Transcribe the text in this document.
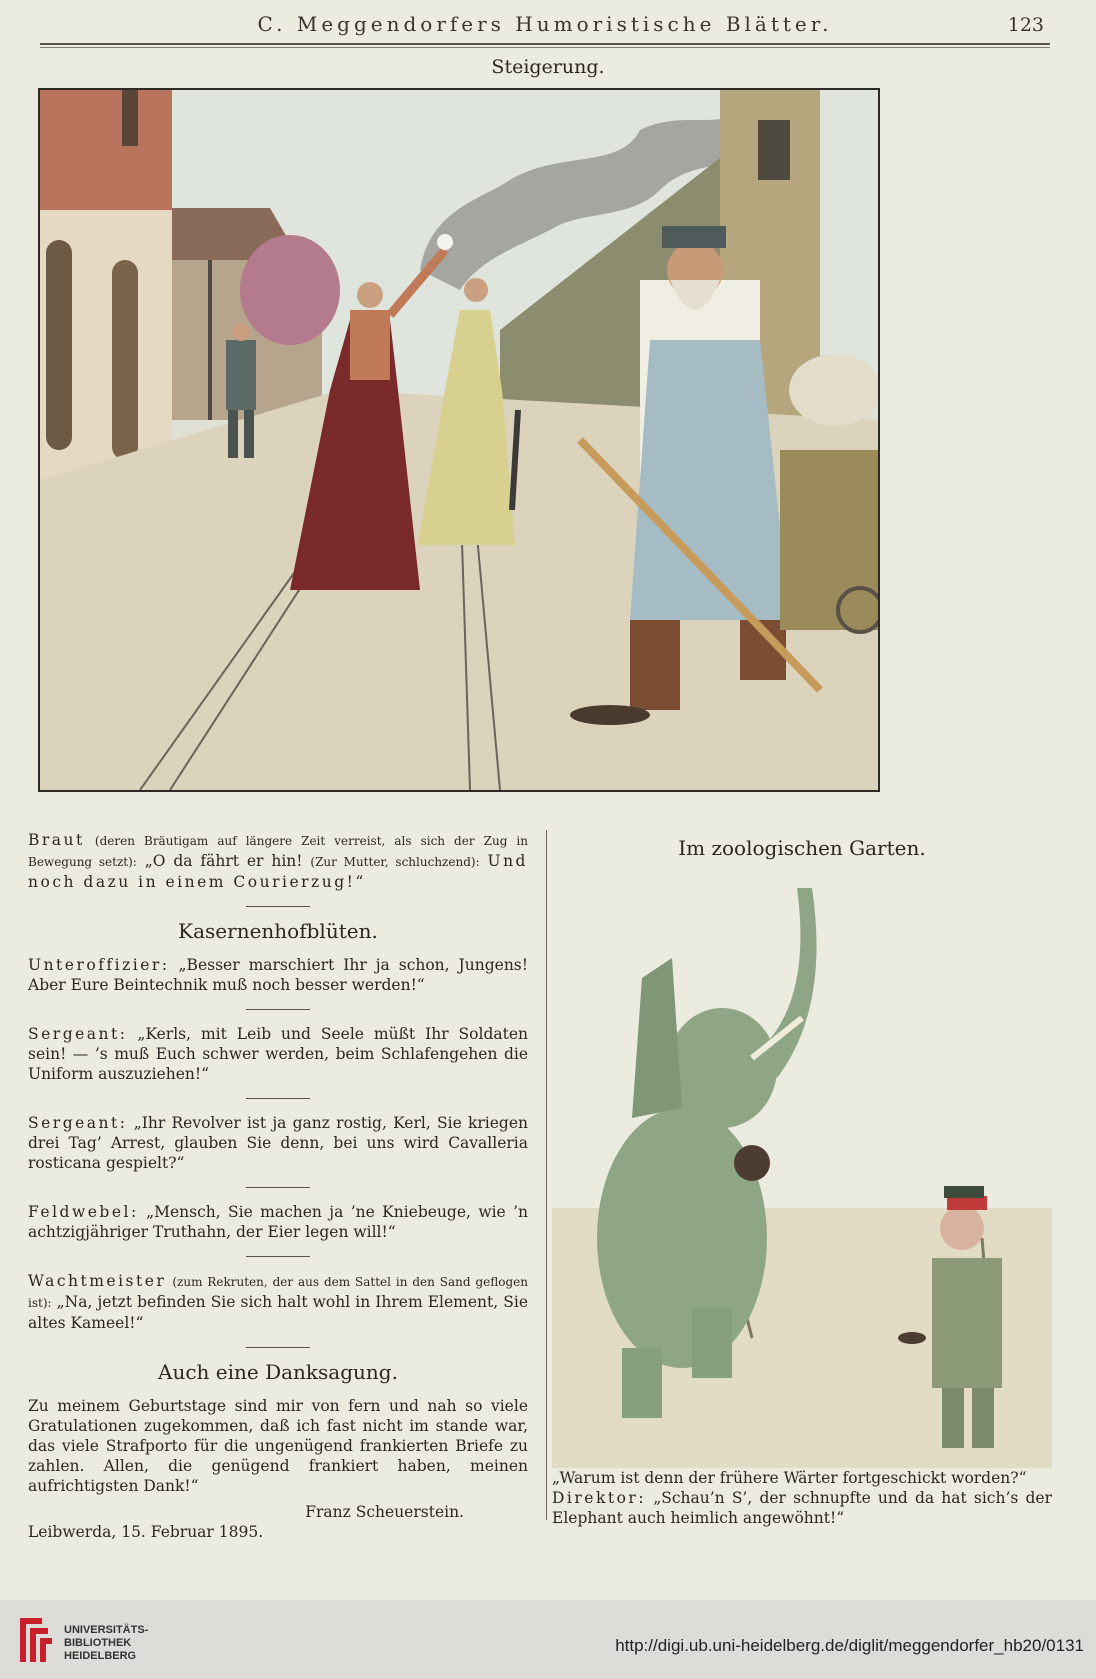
C. Meggendorfers Humoristische Blätter.	123
Steigerung.

Braut (deren Bräutigam auf längere Zeit verreist, als sich der Zug in Bewegung setzt): „O da fährt er hin! (Zur Mutter, schluchzend): Und noch dazu in einem Courierzug!“

Kasernenhofblüten.

Unteroffizier: „Besser marschiert Ihr ja schon, Jungens! Aber Eure Beintechnik muß noch besser werden!“

Sergeant: „Kerls, mit Leib und Seele müßt Ihr Soldaten sein! — ’s muß Euch schwer werden, beim Schlafengehen die Uniform auszuziehen!“

Sergeant: „Ihr Revolver ist ja ganz rostig, Kerl, Sie kriegen drei Tag’ Arrest, glauben Sie denn, bei uns wird Cavalleria rosticana gespielt?“

Feldwebel: „Mensch, Sie machen ja ’ne Kniebeuge, wie ’n achtzigjähriger Truthahn, der Eier legen will!“

Wachtmeister (zum Rekruten, der aus dem Sattel in den Sand geflogen ist): „Na, jetzt befinden Sie sich halt wohl in Ihrem Element, Sie altes Kameel!“

Auch eine Danksagung.

Zu meinem Geburtstage sind mir von fern und nah so viele Gratulationen zugekommen, daß ich fast nicht im stande war, das viele Strafporto für die ungenügend frankierten Briefe zu zahlen. Allen, die genügend frankiert haben, meinen aufrichtigsten Dank!“

Franz Scheuerstein.

Leibwerda, 15. Februar 1895.

Im zoologischen Garten.

„Warum ist denn der frühere Wärter fortgeschickt worden?“

Direktor: „Schau’n S’, der schnupfte und da hat sich’s der Elephant auch heimlich angewöhnt!“

UNIVERSITÄTS-
BIBLIOTHEK
HEIDELBERG
http://digi.ub.uni-heidelberg.de/diglit/meggendorfer_hb20/0131
